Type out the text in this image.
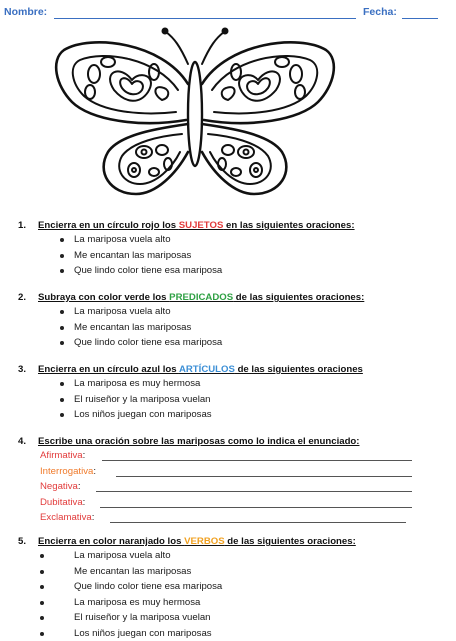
Nombre:	Fecha:
1. Encierra en un círculo rojo los SUJETOS en las siguientes oraciones:
La mariposa vuela alto
Me encantan las mariposas
Que lindo color tiene esa mariposa
2. Subraya con color verde los PREDICADOS de las siguientes oraciones:
La mariposa vuela alto
Me encantan las mariposas
Que lindo color tiene esa mariposa
3. Encierra en un círculo azul los ARTÍCULOS de las siguientes oraciones
La mariposa es muy hermosa
El ruiseñor y la mariposa vuelan
Los niños juegan con mariposas
4. Escribe una oración sobre las mariposas como lo indica el enunciado:
Afirmativa:
Interrogativa:
Negativa:
Dubitativa:
Exclamativa:
5. Encierra en color naranjado los VERBOS de las siguientes oraciones:
La mariposa vuela alto
Me encantan las mariposas
Que lindo color tiene esa mariposa
La mariposa es muy hermosa
El ruiseñor y la mariposa vuelan
Los niños juegan con mariposas
